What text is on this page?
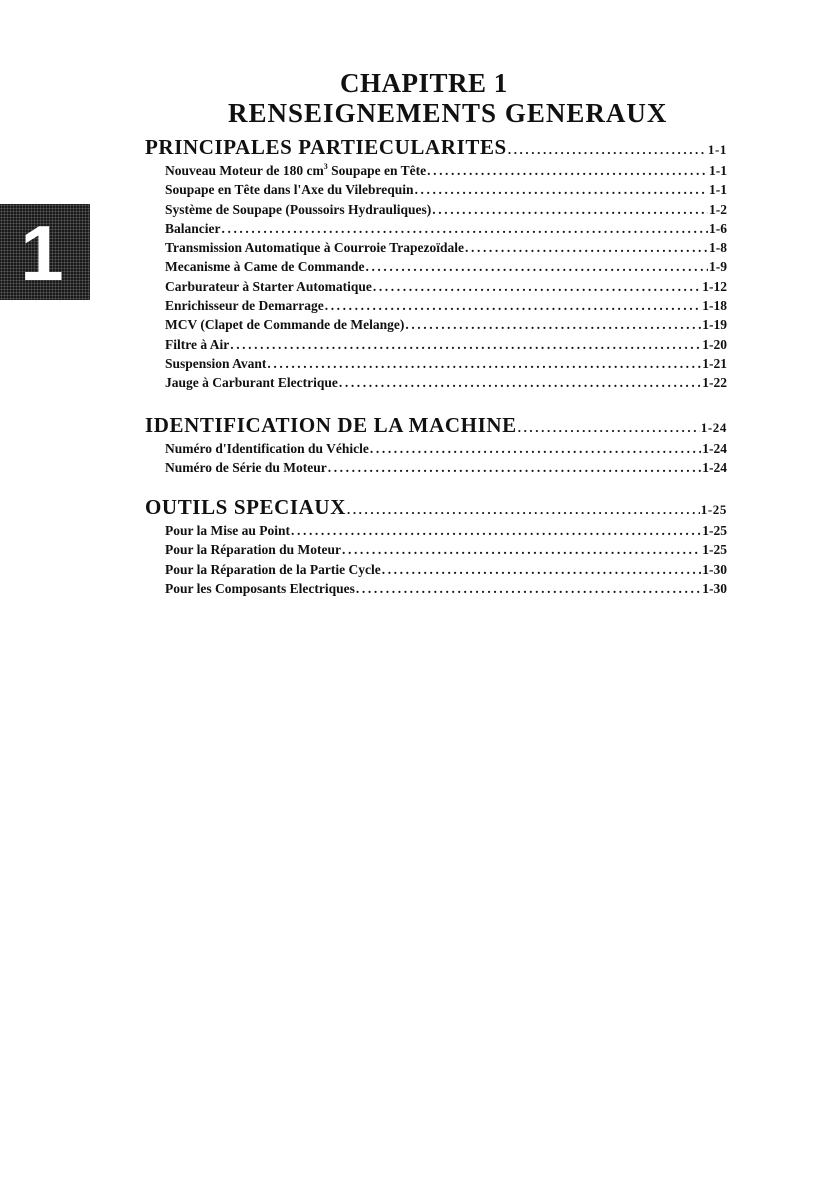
1
CHAPITRE 1
RENSEIGNEMENTS GENERAUX
PRINCIPALES PARTIECULARITES .....	1-1
Nouveau Moteur de 180 $cm^3$ Soupape en Tête .....	1-1
Soupape en Tête dans l'Axe du Vilebrequin .....	1-1
Système de Soupape (Poussoirs Hydrauliques) .....	1-2
Balancier .....	1-6
Transmission Automatique à Courroie Trapezoïdale .....	1-8
Mecanisme à Came de Commande .....	1-9
Carburateur à Starter Automatique .....	1-12
Enrichisseur de Demarrage .....	1-18
MCV (Clapet de Commande de Melange) .....	1-19
Filtre à Air .....	1-20
Suspension Avant .....	1-21
Jauge à Carburant Electrique .....	1-22
IDENTIFICATION DE LA MACHINE .....	1-24
Numéro d'Identification du Véhicle .....	1-24
Numéro de Série du Moteur .....	1-24
OUTILS SPECIAUX .....	1-25
Pour la Mise au Point .....	1-25
Pour la Réparation du Moteur .....	1-25
Pour la Réparation de la Partie Cycle .....	1-30
Pour les Composants Electriques .....	1-30
